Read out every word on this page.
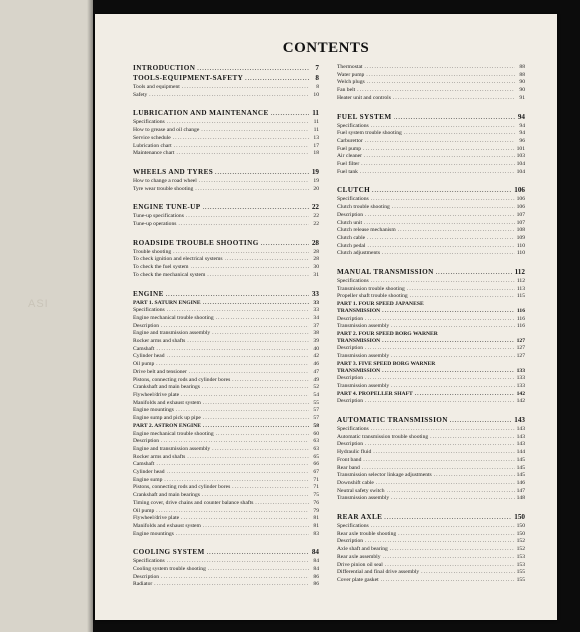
ASI
CONTENTS
INTRODUCTION . . .	7
TOOLS-EQUIPMENT-SAFETY . . .	8
Tools and equipment . . .	8
Safety . . .	10
LUBRICATION AND MAINTENANCE . . .	11
Specifications . . .	11
How to grease and oil change . . .	11
Service schedule . . .	13
Lubrication chart . . .	17
Maintenance chart . . .	18
WHEELS AND TYRES . . .	19
How to change a road wheel . . .	19
Tyre wear trouble shooting . . .	20
ENGINE TUNE-UP . . .	22
Tune-up specifications . . .	22
Tune-up operations . . .	22
ROADSIDE TROUBLE SHOOTING . . .	28
Trouble shooting . . .	28
To check ignition and electrical systems . . .	28
To check the fuel system . . .	30
To check the mechanical system . . .	31
ENGINE . . .	33
PART 1. SATURN ENGINE . . .	33
Specifications . . .	33
Engine mechanical trouble shooting . . .	34
Description . . .	37
Engine and transmission assembly . . .	38
Rocker arms and shafts . . .	39
Camshaft . . .	40
Cylinder head . . .	42
Oil pump . . .	46
Drive belt and tensioner . . .	47
Pistons, connecting rods and cylinder bores . . .	49
Crankshaft and main bearings . . .	52
Flywheel/drive plate . . .	54
Manifolds and exhaust system . . .	55
Engine mountings . . .	57
Engine sump and pick up pipe . . .	57
PART 2. ASTRON ENGINE . . .	58
Engine mechanical trouble shooting . . .	60
Description . . .	63
Engine and transmission assembly . . .	63
Rocker arms and shafts . . .	65
Camshaft . . .	66
Cylinder head . . .	67
Engine sump . . .	71
Pistons, connecting rods and cylinder bores . . .	71
Crankshaft and main bearings . . .	75
Timing cover, drive chains and counter balance shafts . . .	76
Oil pump . . .	79
Flywheel/drive plate . . .	81
Manifolds and exhaust system . . .	81
Engine mountings . . .	83
COOLING SYSTEM . . .	84
Specifications . . .	84
Cooling system trouble shooting . . .	84
Description . . .	86
Radiator . . .	86
Thermostat . . .	88
Water pump . . .	88
Welch plugs . . .	90
Fan belt . . .	90
Heater unit and controls . . .	91
FUEL SYSTEM . . .	94
Specifications . . .	94
Fuel system trouble shooting . . .	94
Carburettor . . .	96
Fuel pump . . .	101
Air cleaner . . .	103
Fuel filter . . .	104
Fuel tank . . .	104
CLUTCH . . .	106
Specifications . . .	106
Clutch trouble shooting . . .	106
Description . . .	107
Clutch unit . . .	107
Clutch release mechanism . . .	108
Clutch cable . . .	109
Clutch pedal . . .	110
Clutch adjustments . . .	110
MANUAL TRANSMISSION . . .	112
Specifications . . .	112
Transmission trouble shooting . . .	113
Propeller shaft trouble shooting . . .	115
PART 1. FOUR SPEED JAPANESE
TRANSMISSION . . .	116
Description . . .	116
Transmission assembly . . .	116
PART 2. FOUR SPEED BORG WARNER
TRANSMISSION . . .	127
Description . . .	127
Transmission assembly . . .	127
PART 3. FIVE SPEED BORG WARNER
TRANSMISSION . . .	133
Description . . .	133
Transmission assembly . . .	133
PART 4. PROPELLER SHAFT . . .	142
Description . . .	142
AUTOMATIC TRANSMISSION . . .	143
Specifications . . .	143
Automatic transmission trouble shooting . . .	143
Description . . .	143
Hydraulic fluid . . .	144
Front band . . .	145
Rear band . . .	145
Transmission selector linkage adjustments . . .	145
Downshift cable . . .	146
Neutral safety switch . . .	147
Transmission assembly . . .	148
REAR AXLE . . .	150
Specifications . . .	150
Rear axle trouble shooting . . .	150
Description . . .	152
Axle shaft and bearing . . .	152
Rear axle assembly . . .	153
Drive pinion oil seal . . .	153
Differential and final drive assembly . . .	155
Cover plate gasket . . .	155
